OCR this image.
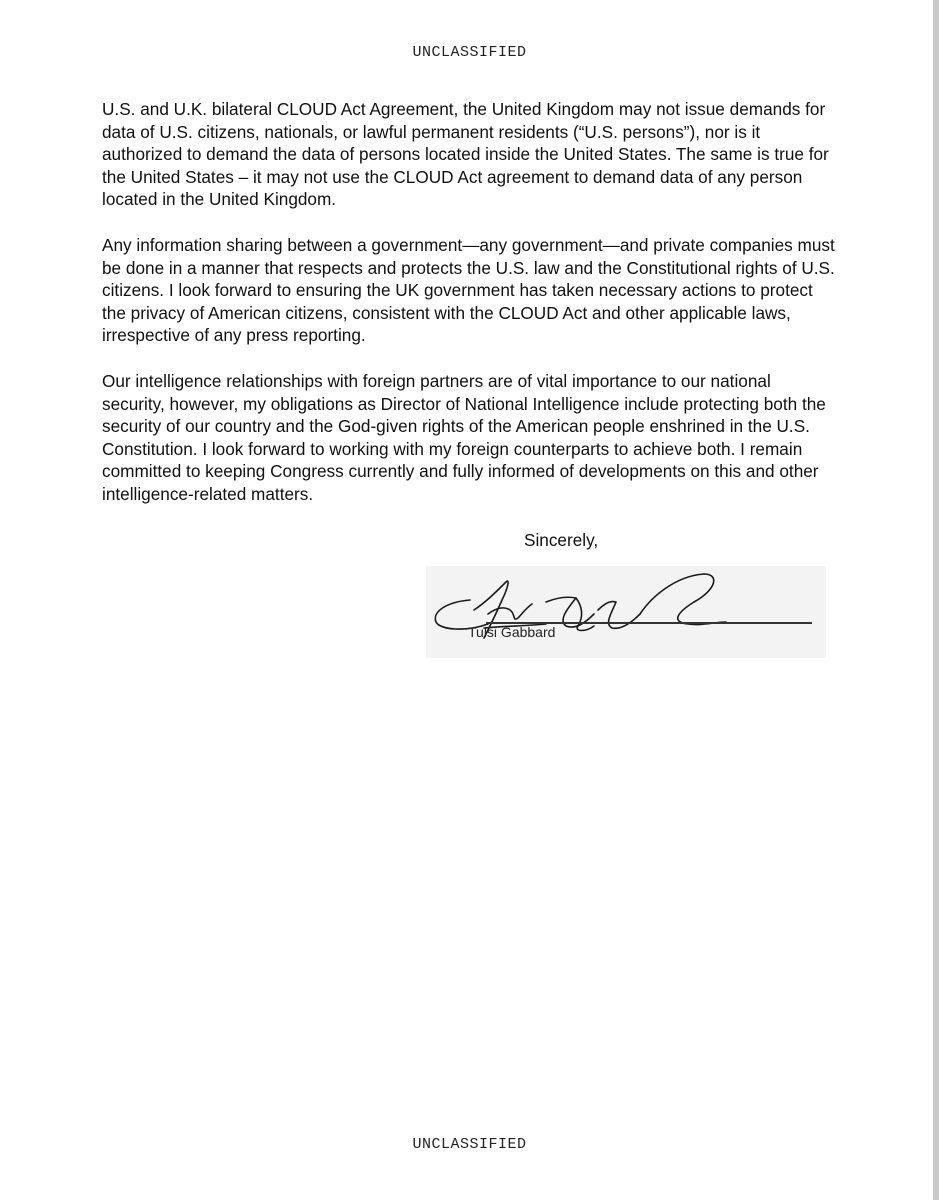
UNCLASSIFIED

U.S. and U.K. bilateral CLOUD Act Agreement, the United Kingdom may not issue demands for data of U.S. citizens, nationals, or lawful permanent residents (“U.S. persons”), nor is it authorized to demand the data of persons located inside the United States. The same is true for the United States – it may not use the CLOUD Act agreement to demand data of any person located in the United Kingdom.

Any information sharing between a government—any government—and private companies must be done in a manner that respects and protects the U.S. law and the Constitutional rights of U.S. citizens. I look forward to ensuring the UK government has taken necessary actions to protect the privacy of American citizens, consistent with the CLOUD Act and other applicable laws, irrespective of any press reporting.

Our intelligence relationships with foreign partners are of vital importance to our national security, however, my obligations as Director of National Intelligence include protecting both the security of our country and the God-given rights of the American people enshrined in the U.S. Constitution. I look forward to working with my foreign counterparts to achieve both. I remain committed to keeping Congress currently and fully informed of developments on this and other intelligence-related matters.

Sincerely,
Tulsi Gabbard
UNCLASSIFIED
